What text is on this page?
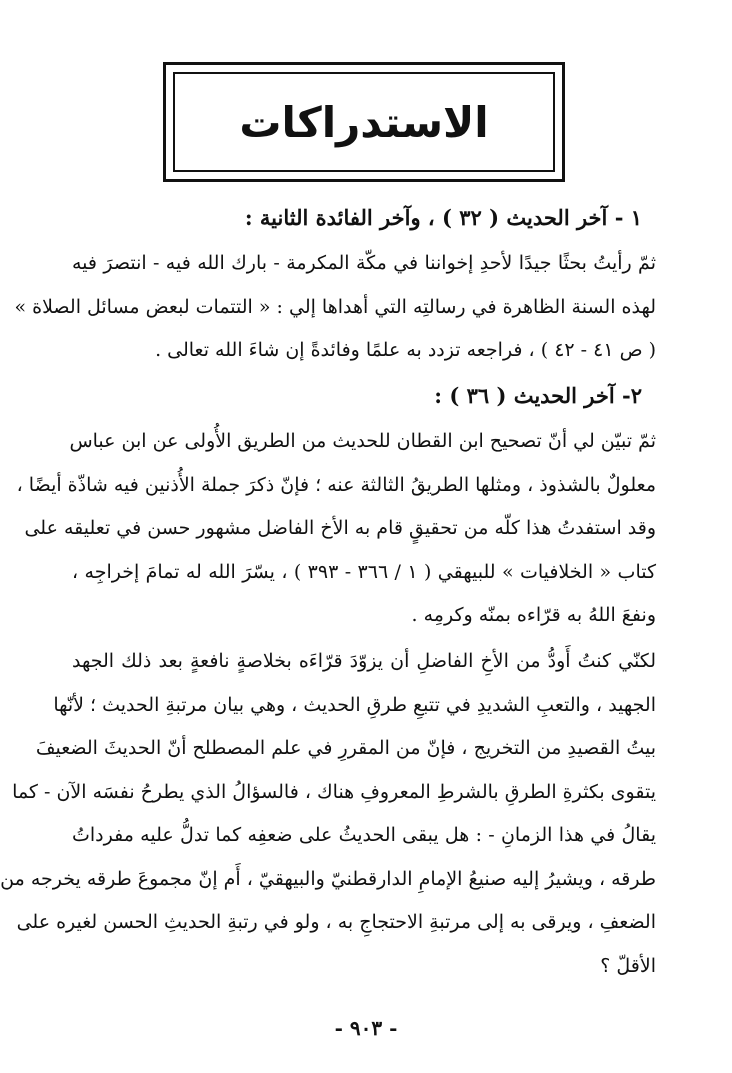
الاستدراكات
١ - آخر الحديث ( ٣٢ ) ، وآخر الفائدة الثانية :
ثمّ رأيتُ بحثًا جيدًا لأحدِ إخواننا في مكّة المكرمة - بارك الله فيه - انتصرَ فيه
لهذه السنة الظاهرة في رسالتِه التي أهداها إلي : « التتمات لبعض مسائل الصلاة »
( ص ٤١ - ٤٢ ) ، فراجعه تزدد به علمًا وفائدةً إن شاءَ الله تعالى .
٢- آخر الحديث ( ٣٦ ) :
ثمّ تبيّن لي أنّ تصحيح ابن القطان للحديث من الطريق الأُولى عن ابن عباس
معلولٌ بالشذوذ ، ومثلها الطريقُ الثالثة عنه ؛ فإنّ ذكرَ جملة الأُذنين فيه شاذّة أيضًا ،
وقد استفدتُ هذا كلّه من تحقيقٍ قام به الأخ الفاضل مشهور حسن في تعليقه على
كتاب « الخلافيات » للبيهقي ( ١ / ٣٦٦ - ٣٩٣ ) ، يسّرَ الله له تمامَ إخراجِه ،
ونفعَ اللهُ به قرّاءه بمنّه وكرمِه .
لكنّي كنتُ أَودُّ من الأخِ الفاضلِ أن يزوّدَ قرّاءَه بخلاصةٍ نافعةٍ بعد ذلك الجهد
الجهيد ، والتعبِ الشديدِ في تتبعِ طرقِ الحديث ، وهي بيان مرتبةِ الحديث ؛ لأنّها
بيتُ القصيدِ من التخريج ، فإنّ من المقررِ في علم المصطلح أنّ الحديثَ الضعيفَ
يتقوى بكثرةِ الطرقِ بالشرطِ المعروفِ هناك ، فالسؤالُ الذي يطرحُ نفسَه الآن - كما
يقالُ في هذا الزمانِ - : هل يبقى الحديثُ على ضعفِه كما تدلُّ عليه مفرداتُ
طرقه ، ويشيرُ إليه صنيعُ الإمامِ الدارقطنيّ والبيهقيّ ، أَم إنّ مجموعَ طرقه يخرجه من
الضعفِ ، ويرقى به إلى مرتبةِ الاحتجاجِ به ، ولو في رتبةِ الحديثِ الحسن لغيره على
الأقلّ ؟
- ٩٠٣ -
